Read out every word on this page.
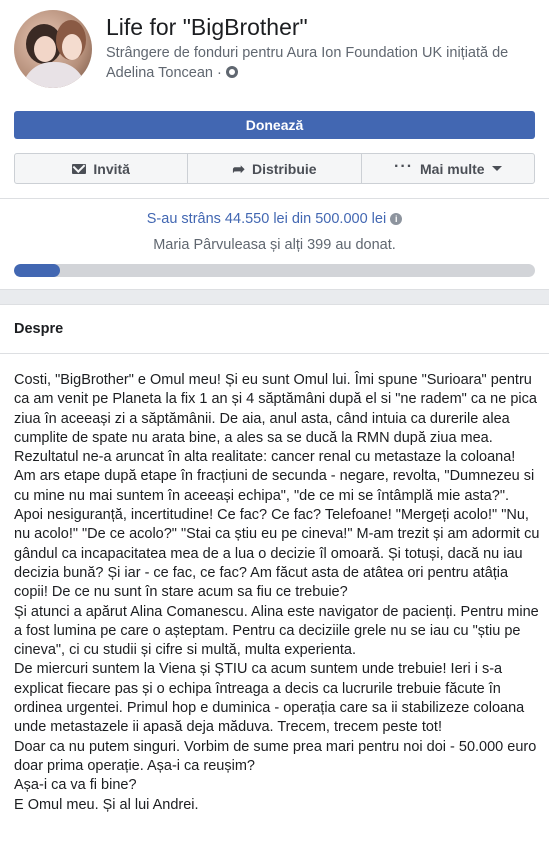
Life for "BigBrother"
Strângere de fonduri pentru Aura Ion Foundation UK inițiată de Adelina Toncean ·
Donează
Invită	➦ Distribuie	··· Mai multe
S-au strâns 44.550 lei din 500.000 lei i
Maria Pârvuleasa și alți 399 au donat.
Despre

Costi, "BigBrother" e Omul meu! Și eu sunt Omul lui. Îmi spune "Surioara" pentru ca am venit pe Planeta la fix 1 an și 4 săptămâni după el si "ne radem" ca ne pica ziua în aceeași zi a săptămânii. De aia, anul asta, când intuia ca durerile alea cumplite de spate nu arata bine, a ales sa se ducă la RMN după ziua mea. Rezultatul ne-a aruncat în alta realitate: cancer renal cu metastaze la coloana! Am ars etape după etape în fracțiuni de secunda - negare, revolta, "Dumnezeu si cu mine nu mai suntem în aceeași echipa", "de ce mi se întâmplă mie asta?". Apoi nesiguranță, incertitudine! Ce fac? Ce fac? Telefoane! "Mergeți acolo!" "Nu, nu acolo!" "De ce acolo?" "Stai ca știu eu pe cineva!" M-am trezit și am adormit cu gândul ca incapacitatea mea de a lua o decizie îl omoară. Și totuși, dacă nu iau decizia bună? Și iar - ce fac, ce fac? Am făcut asta de atâtea ori pentru atâția copii! De ce nu sunt în stare acum sa fiu ce trebuie?

Și atunci a apărut Alina Comanescu. Alina este navigator de pacienți. Pentru mine a fost lumina pe care o așteptam. Pentru ca deciziile grele nu se iau cu "știu pe cineva", ci cu studii și cifre si multă, multa experienta.

De miercuri suntem la Viena și ȘTIU ca acum suntem unde trebuie! Ieri i s-a explicat fiecare pas și o echipa întreaga a decis ca lucrurile trebuie făcute în ordinea urgentei. Primul hop e duminica - operația care sa ii stabilizeze coloana unde metastazele ii apasă deja măduva. Trecem, trecem peste tot!

Doar ca nu putem singuri. Vorbim de sume prea mari pentru noi doi - 50.000 euro doar prima operație. Așa-i ca reușim?

Așa-i ca va fi bine?

E Omul meu. Și al lui Andrei.
